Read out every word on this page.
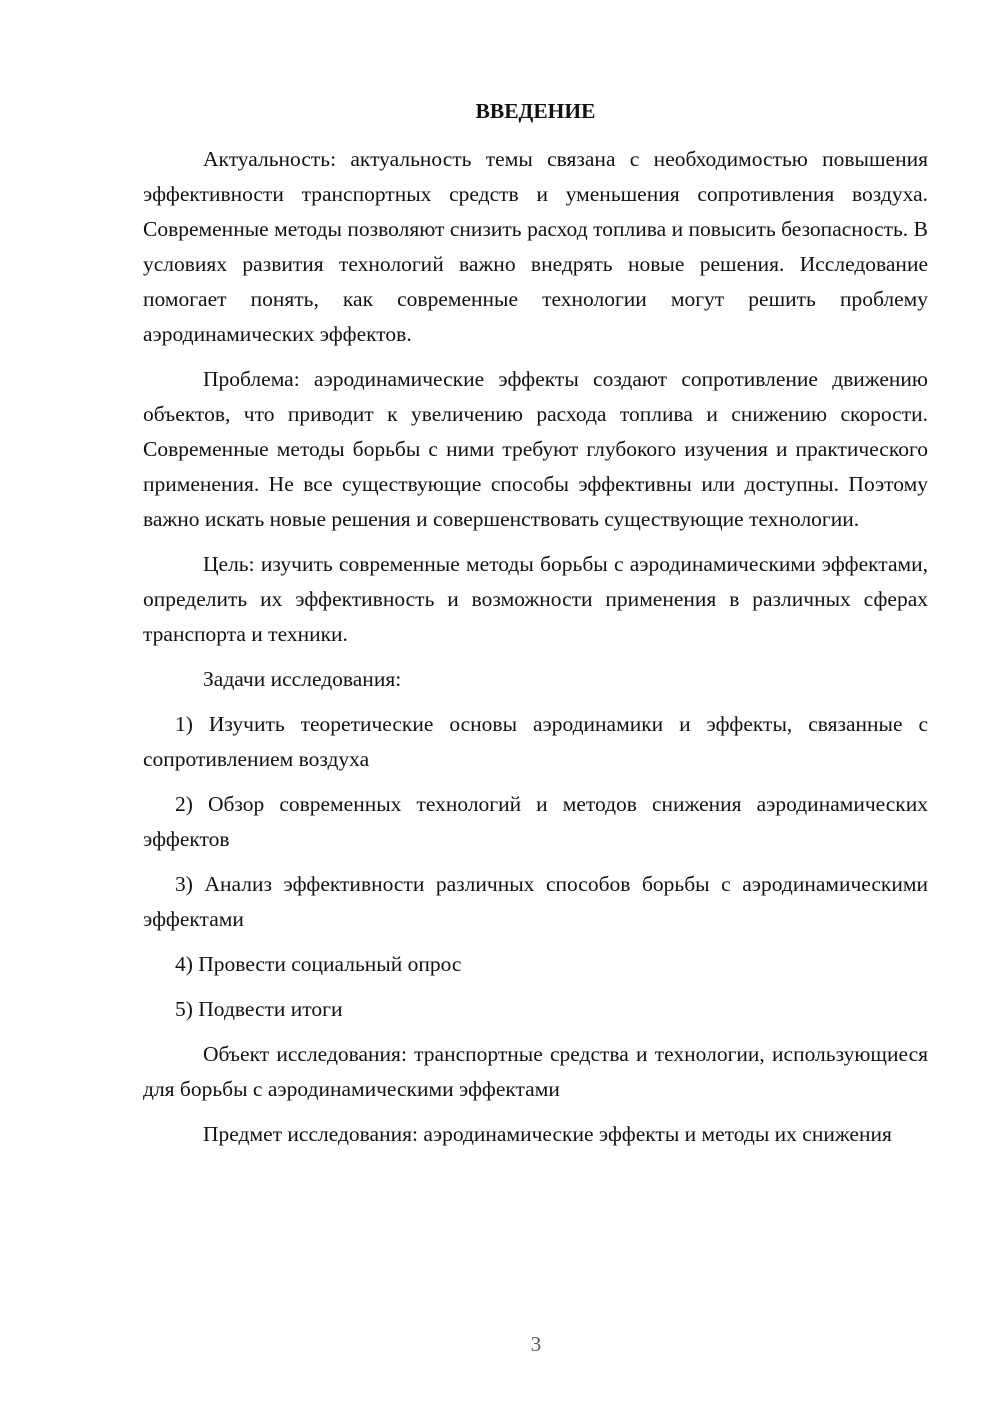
ВВЕДЕНИЕ

Актуальность: актуальность темы связана с необходимостью повышения эффективности транспортных средств и уменьшения сопротивления воздуха. Современные методы позволяют снизить расход топлива и повысить безопасность. В условиях развития технологий важно внедрять новые решения. Исследование помогает понять, как современные технологии могут решить проблему аэродинамических эффектов.

Проблема: аэродинамические эффекты создают сопротивление движению объектов, что приводит к увеличению расхода топлива и снижению скорости. Современные методы борьбы с ними требуют глубокого изучения и практического применения. Не все существующие способы эффективны или доступны. Поэтому важно искать новые решения и совершенствовать существующие технологии.

Цель: изучить современные методы борьбы с аэродинамическими эффектами, определить их эффективность и возможности применения в различных сферах транспорта и техники.

Задачи исследования:

1) Изучить теоретические основы аэродинамики и эффекты, связанные с сопротивлением воздуха

2) Обзор современных технологий и методов снижения аэродинамических эффектов

3) Анализ эффективности различных способов борьбы с аэродинамическими эффектами

4) Провести социальный опрос

5) Подвести итоги

Объект исследования: транспортные средства и технологии, использующиеся для борьбы с аэродинамическими эффектами

Предмет исследования: аэродинамические эффекты и методы их снижения

3
